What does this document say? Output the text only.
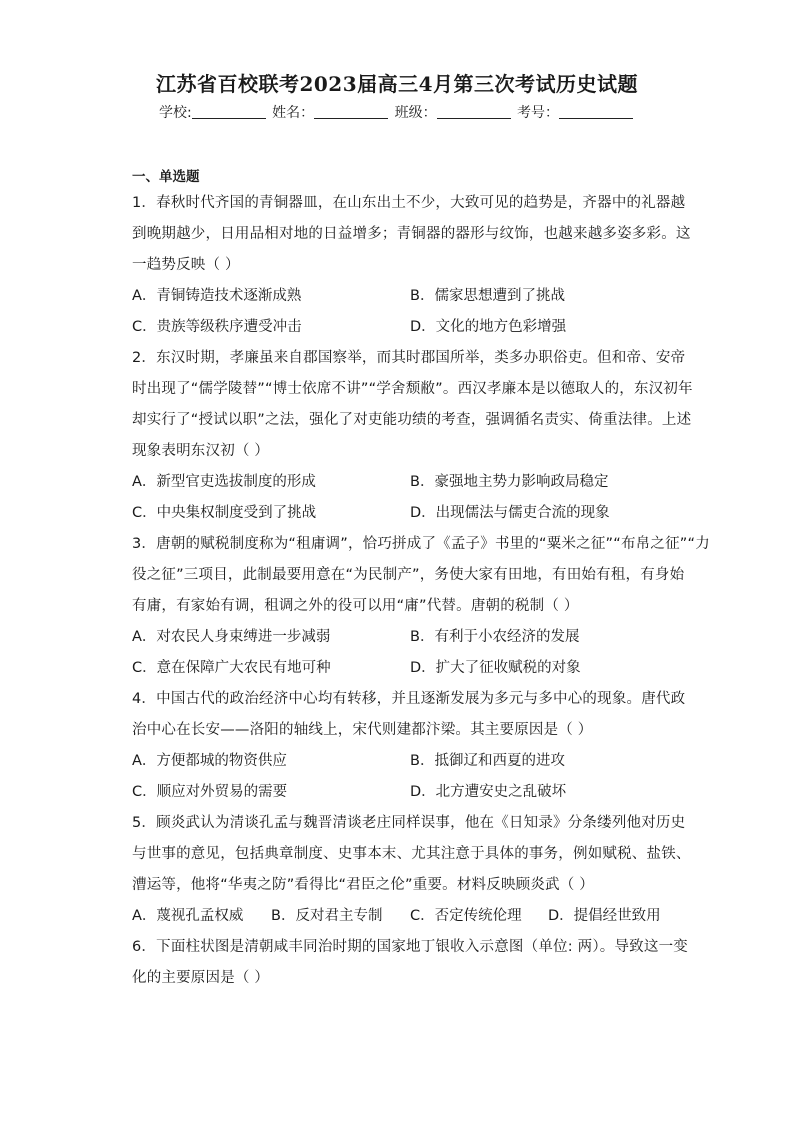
江苏省百校联考2023届高三4月第三次考试历史试题
学校:	姓名：	班级：	考号：
一、单选题
1．春秋时代齐国的青铜器皿，在山东出土不少，大致可见的趋势是，齐器中的礼器越
到晚期越少，日用品相对地的日益增多；青铜器的器形与纹饰，也越来越多姿多彩。这
一趋势反映（ ）
A．青铜铸造技术逐渐成熟	B．儒家思想遭到了挑战
C．贵族等级秩序遭受冲击	D．文化的地方色彩增强
2．东汉时期，孝廉虽来自郡国察举，而其时郡国所举，类多办职俗吏。但和帝、安帝
时出现了“儒学陵替”“博士依席不讲”“学舍颓敝”。西汉孝廉本是以德取人的，东汉初年
却实行了“授试以职”之法，强化了对吏能功绩的考查，强调循名责实、倚重法律。上述
现象表明东汉初（ ）
A．新型官吏选拔制度的形成	B．豪强地主势力影响政局稳定
C．中央集权制度受到了挑战	D．出现儒法与儒吏合流的现象
3．唐朝的赋税制度称为“租庸调”，恰巧拼成了《孟子》书里的“粟米之征”“布帛之征”“力
役之征”三项目，此制最要用意在“为民制产”，务使大家有田地，有田始有租，有身始
有庸，有家始有调，租调之外的役可以用“庸”代替。唐朝的税制（ ）
A．对农民人身束缚进一步减弱	B．有利于小农经济的发展
C．意在保障广大农民有地可种	D．扩大了征收赋税的对象
4．中国古代的政治经济中心均有转移，并且逐渐发展为多元与多中心的现象。唐代政
治中心在长安——洛阳的轴线上，宋代则建都汴梁。其主要原因是（ ）
A．方便都城的物资供应	B．抵御辽和西夏的进攻
C．顺应对外贸易的需要	D．北方遭安史之乱破坏
5．顾炎武认为清谈孔孟与魏晋清谈老庄同样误事，他在《日知录》分条缕列他对历史
与世事的意见，包括典章制度、史事本末、尤其注意于具体的事务，例如赋税、盐铁、
漕运等，他将“华夷之防”看得比“君臣之伦”重要。材料反映顾炎武（ ）
A．蔑视孔孟权威 B．反对君主专制 C．否定传统伦理 D．提倡经世致用
6．下面柱状图是清朝咸丰同治时期的国家地丁银收入示意图（单位: 两）。导致这一变
化的主要原因是（ ）
